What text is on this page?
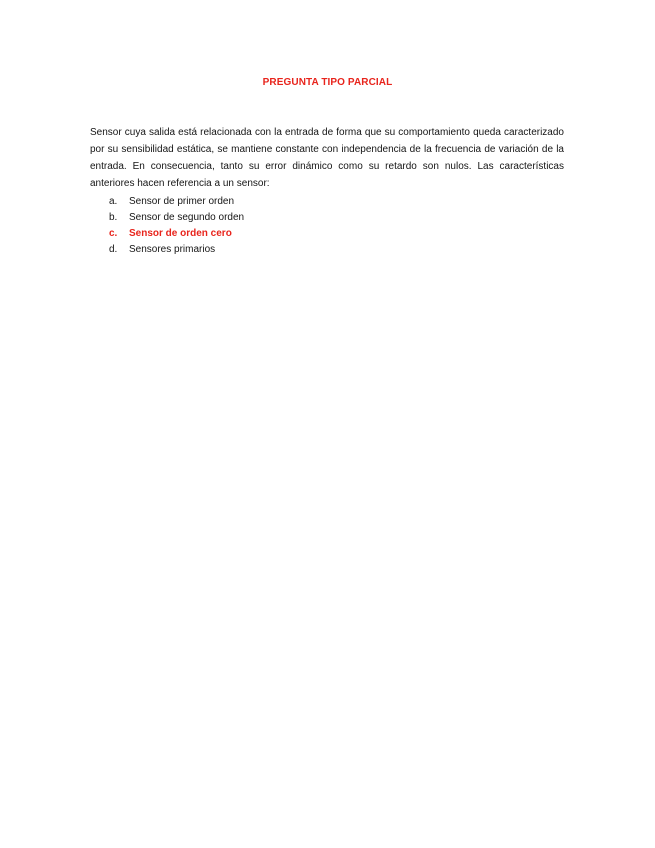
PREGUNTA TIPO PARCIAL

Sensor cuya salida está relacionada con la entrada de forma que su comportamiento queda caracterizado por su sensibilidad estática, se mantiene constante con independencia de la frecuencia de variación de la entrada. En consecuencia, tanto su error dinámico como su retardo son nulos. Las características anteriores hacen referencia a un sensor:

a.	Sensor de primer orden
b.	Sensor de segundo orden
c.	Sensor de orden cero
d.	Sensores primarios
